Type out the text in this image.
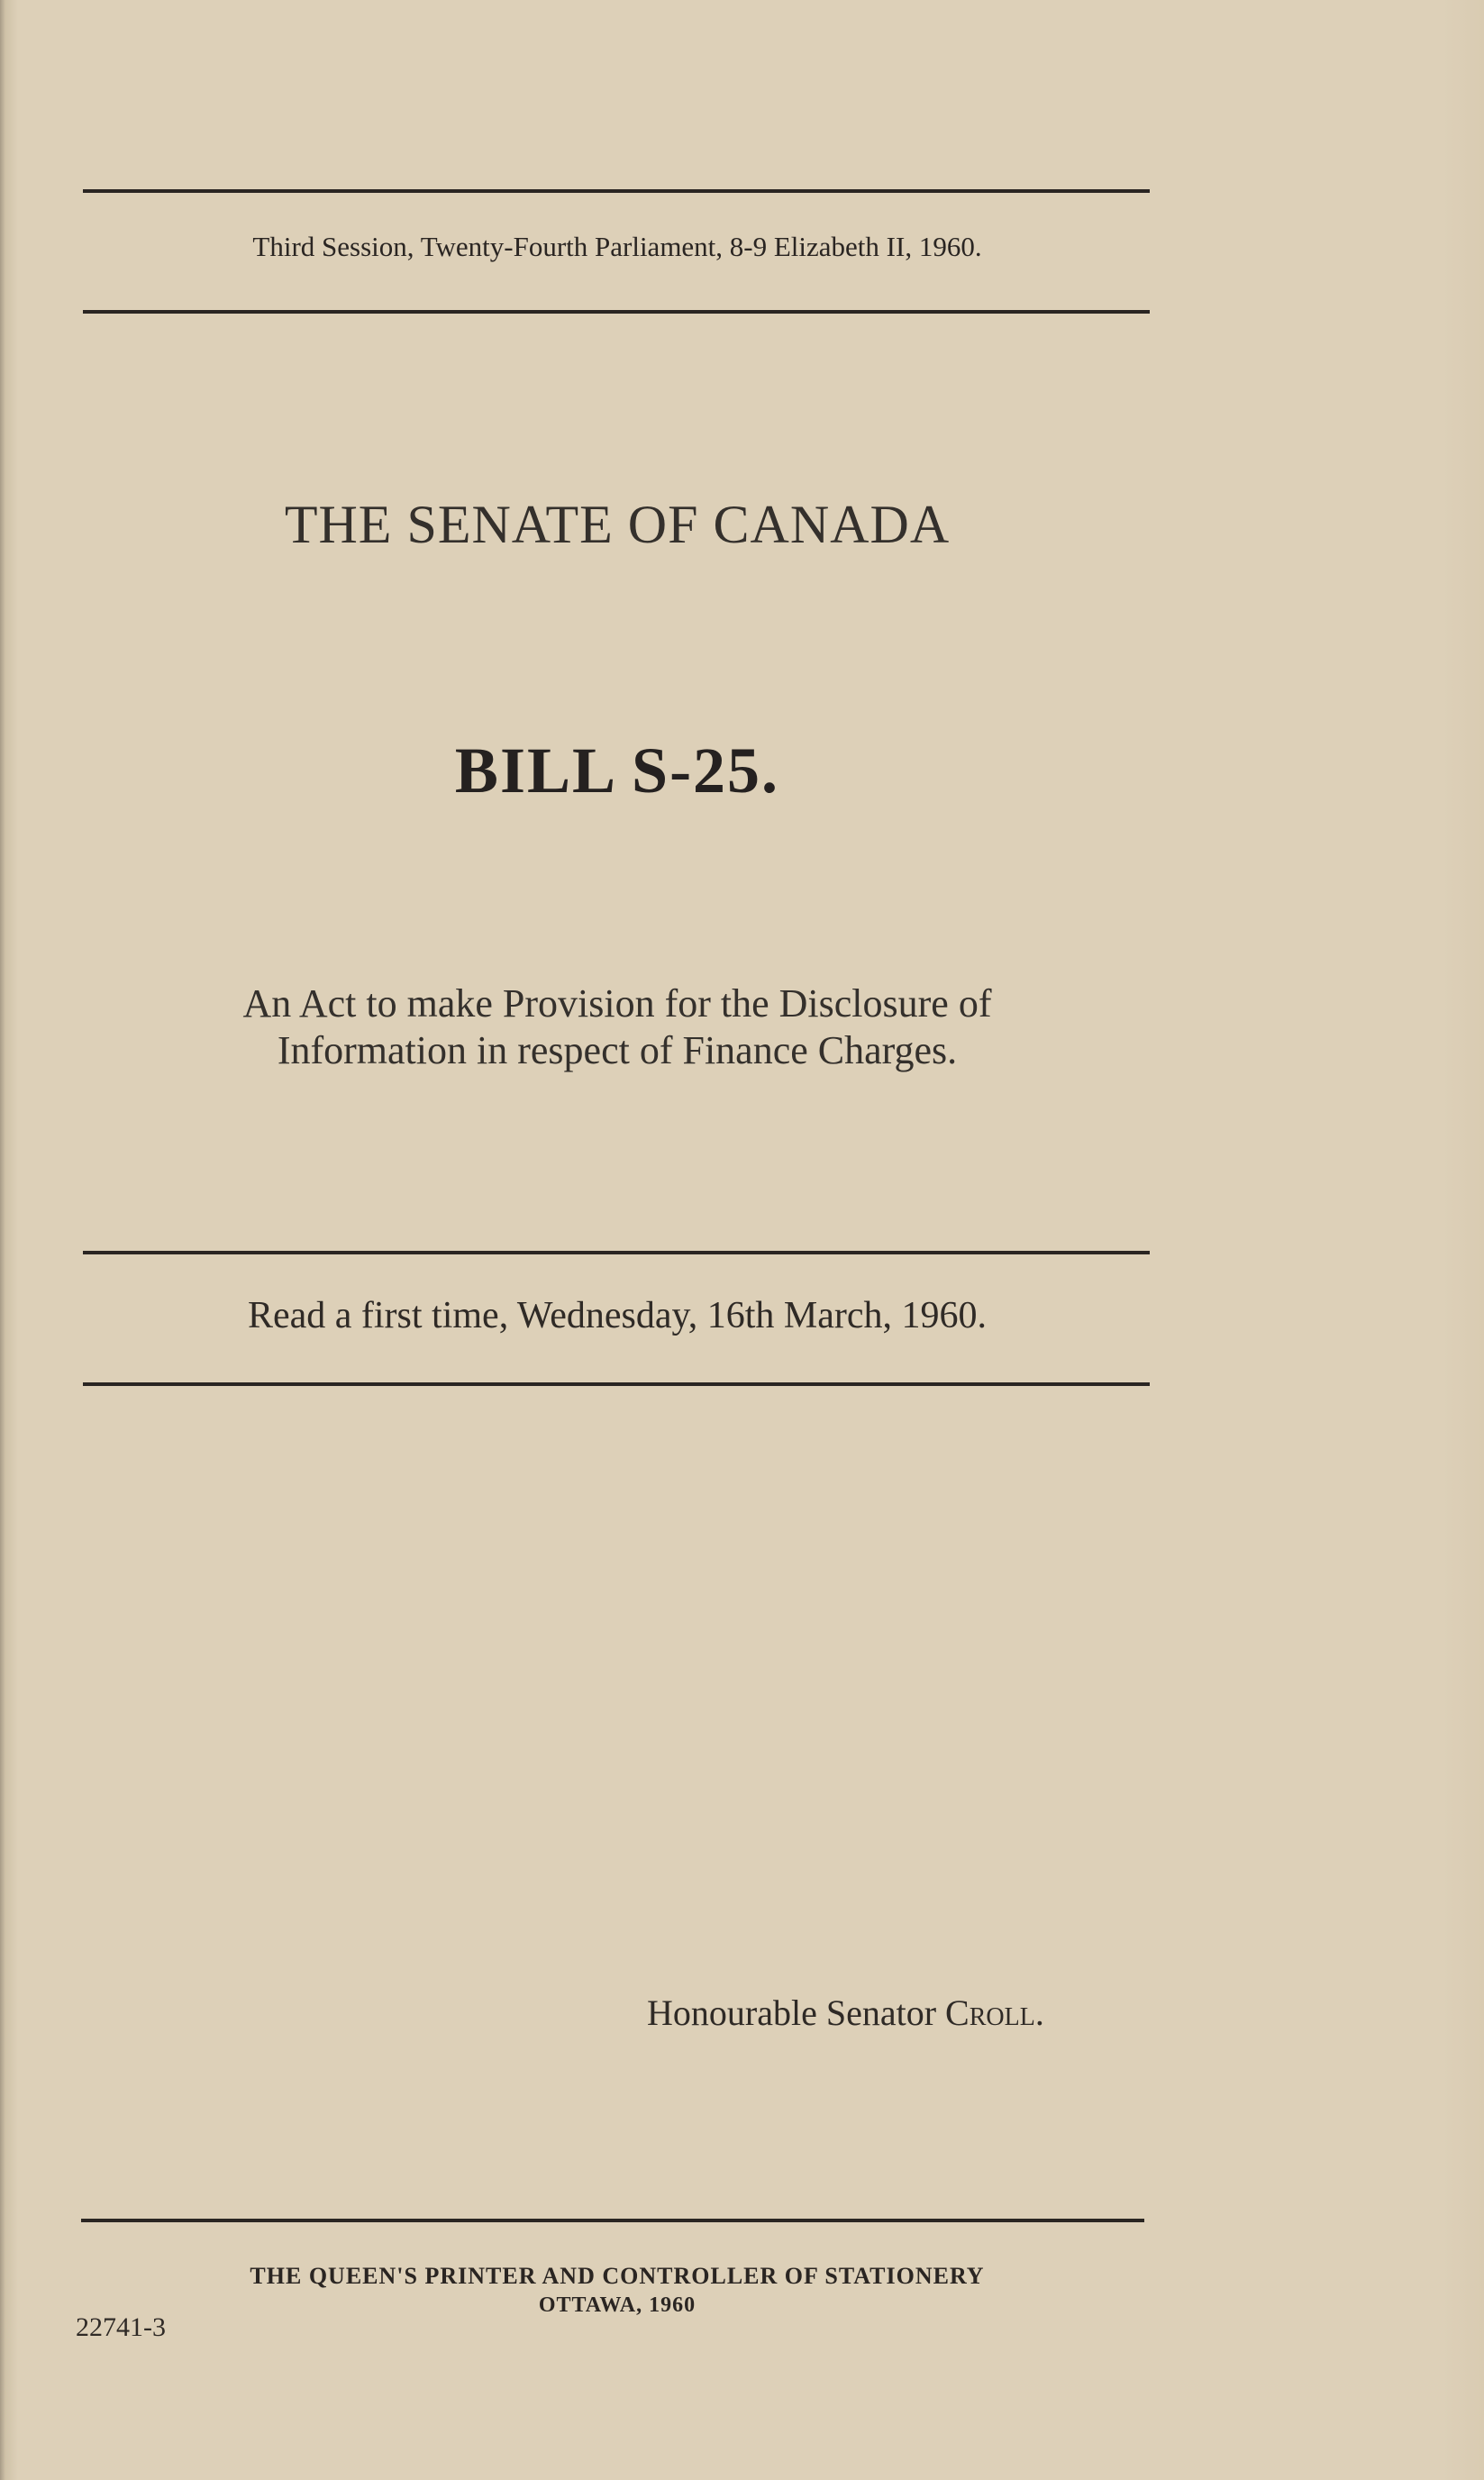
Third Session, Twenty-Fourth Parliament, 8-9 Elizabeth II, 1960.
THE SENATE OF CANADA
BILL S-25.
An Act to make Provision for the Disclosure of
Information in respect of Finance Charges.
Read a first time, Wednesday, 16th March, 1960.
Honourable Senator Croll.
THE QUEEN'S PRINTER AND CONTROLLER OF STATIONERY
OTTAWA, 1960
22741-3
